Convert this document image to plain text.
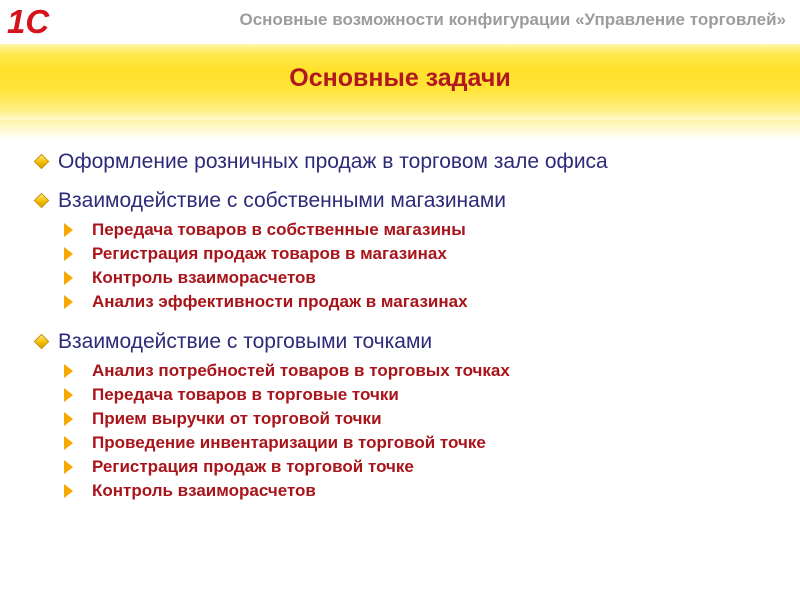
1С	Основные возможности конфигурации «Управление торговлей»
Основные задачи
Оформление розничных продаж в торговом зале офиса
Взаимодействие с собственными магазинами
Передача товаров в собственные магазины
Регистрация продаж товаров в магазинах
Контроль взаиморасчетов
Анализ эффективности продаж в магазинах
Взаимодействие с торговыми точками
Анализ потребностей товаров в торговых точках
Передача товаров в торговые точки
Прием выручки от торговой точки
Проведение инвентаризации в торговой точке
Регистрация продаж в торговой точке
Контроль взаиморасчетов
